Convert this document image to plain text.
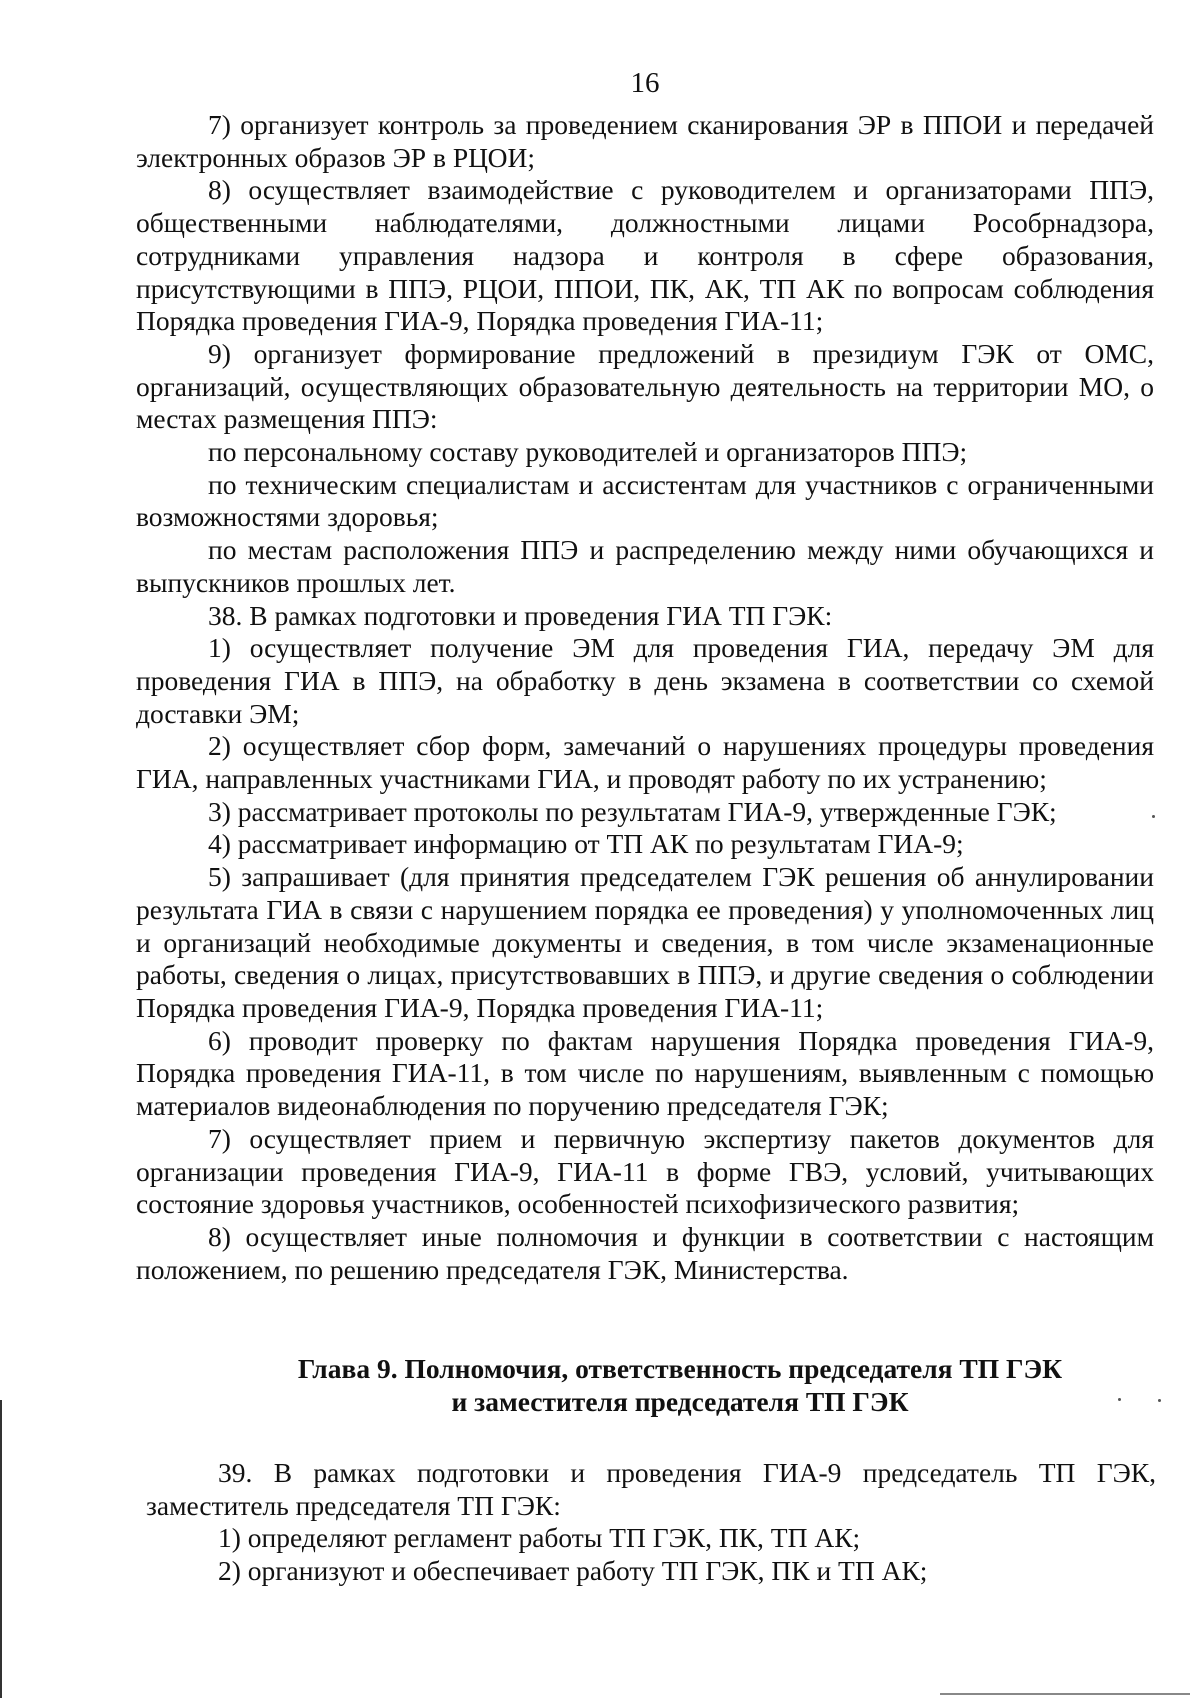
16

7) организует контроль за проведением сканирования ЭР в ППОИ и передачей электронных образов ЭР в РЦОИ;

8) осуществляет взаимодействие с руководителем и организаторами ППЭ, общественными наблюдателями, должностными лицами Рособрнадзора, сотрудниками управления надзора и контроля в сфере образования, присутствующими в ППЭ, РЦОИ, ППОИ, ПК, АК, ТП АК по вопросам соблюдения Порядка проведения ГИА-9, Порядка проведения ГИА-11;

9) организует формирование предложений в президиум ГЭК от ОМС, организаций, осуществляющих образовательную деятельность на территории МО, о местах размещения ППЭ:

по персональному составу руководителей и организаторов ППЭ;

по техническим специалистам и ассистентам для участников с ограниченными возможностями здоровья;

по местам расположения ППЭ и распределению между ними обучающихся и выпускников прошлых лет.

38. В рамках подготовки и проведения ГИА ТП ГЭК:

1) осуществляет получение ЭМ для проведения ГИА, передачу ЭМ для проведения ГИА в ППЭ, на обработку в день экзамена в соответствии со схемой доставки ЭМ;

2) осуществляет сбор форм, замечаний о нарушениях процедуры проведения ГИА, направленных участниками ГИА, и проводят работу по их устранению;

3) рассматривает протоколы по результатам ГИА-9, утвержденные ГЭК;

4) рассматривает информацию от ТП АК по результатам ГИА-9;

5) запрашивает (для принятия председателем ГЭК решения об аннулировании результата ГИА в связи с нарушением порядка ее проведения) у уполномоченных лиц и организаций необходимые документы и сведения, в том числе экзаменационные работы, сведения о лицах, присутствовавших в ППЭ, и другие сведения о соблюдении Порядка проведения ГИА-9, Порядка проведения ГИА-11;

6) проводит проверку по фактам нарушения Порядка проведения ГИА-9, Порядка проведения ГИА-11, в том числе по нарушениям, выявленным с помощью материалов видеонаблюдения по поручению председателя ГЭК;

7) осуществляет прием и первичную экспертизу пакетов документов для организации проведения ГИА-9, ГИА-11 в форме ГВЭ, условий, учитывающих состояние здоровья участников, особенностей психофизического развития;

8) осуществляет иные полномочия и функции в соответствии с настоящим положением, по решению председателя ГЭК, Министерства.

Глава 9. Полномочия, ответственность председателя ТП ГЭК
и заместителя председателя ТП ГЭК

39. В рамках подготовки и проведения ГИА-9 председатель ТП ГЭК, заместитель председателя ТП ГЭК:

1) определяют регламент работы ТП ГЭК, ПК, ТП АК;

2) организуют и обеспечивает работу ТП ГЭК, ПК и ТП АК;
